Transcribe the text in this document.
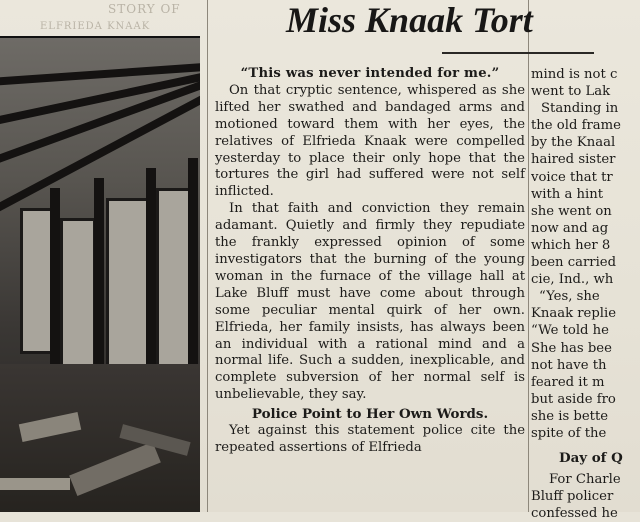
STORY OF
ELFRIEDA KNAAK	Miss Knaak Tort

“This was never intended for me.”

On that cryptic sentence, whispered as she lifted her swathed and bandaged arms and motioned toward them with her eyes, the relatives of Elfrieda Knaak were compelled yesterday to place their only hope that the tortures the girl had suffered were not self inflicted.

In that faith and conviction they remain adamant. Quietly and firmly they repudiate the frankly expressed opinion of some investigators that the burning of the young woman in the furnace of the village hall at Lake Bluff must have come about through some peculiar mental quirk of her own. Elfrieda, her family insists, has always been an individual with a rational mind and a normal life. Such a sudden, inexplicable, and complete subversion of her normal self is unbelievable, they say.

Police Point to Her Own Words.

Yet against this statement police cite the repeated assertions of Elfrieda

mind is not c

went to Lak

Standing in

the old frame

by the Knaal

haired sister

voice that tr

with a hint

she went on

now and ag

which her 8

been carried

cie, Ind., wh

“Yes, she

Knaak replie

“We told he

She has bee

not have th

feared it m

but aside fro

she is bette

spite of the

Day of Q

For Charle

Bluff policer

confessed he
